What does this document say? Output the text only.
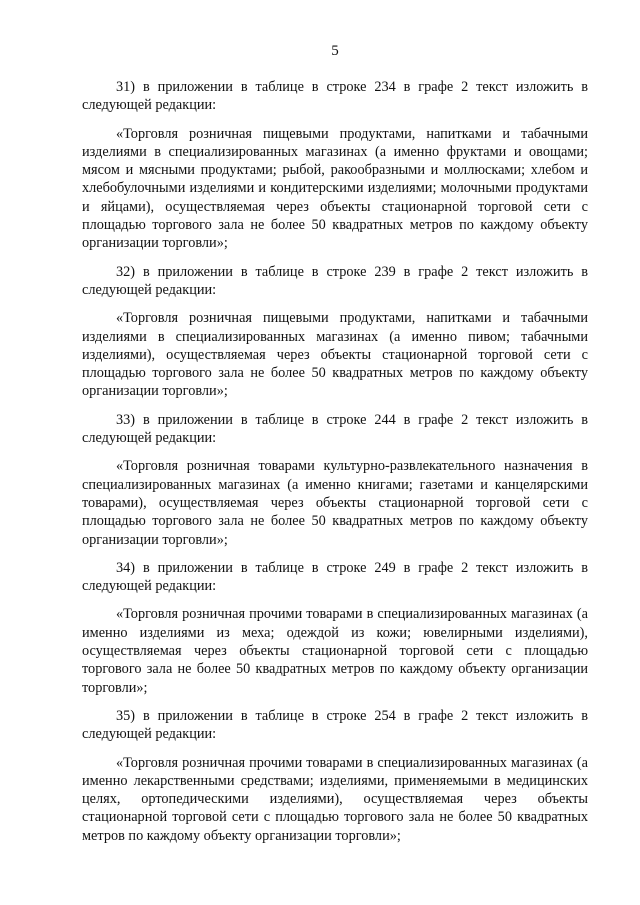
5

31) в приложении в таблице в строке 234 в графе 2 текст изложить в следующей редакции:

«Торговля розничная пищевыми продуктами, напитками и табачными изделиями в специализированных магазинах (а именно фруктами и овощами; мясом и мясными продуктами; рыбой, ракообразными и моллюсками; хлебом и хлебобулочными изделиями и кондитерскими изделиями; молочными продуктами и яйцами), осуществляемая через объекты стационарной торговой сети с площадью торгового зала не более 50 квадратных метров по каждому объекту организации торговли»;

32) в приложении в таблице в строке 239 в графе 2 текст изложить в следующей редакции:

«Торговля розничная пищевыми продуктами, напитками и табачными изделиями в специализированных магазинах (а именно пивом; табачными изделиями), осуществляемая через объекты стационарной торговой сети с площадью торгового зала не более 50 квадратных метров по каждому объекту организации торговли»;

33) в приложении в таблице в строке 244 в графе 2 текст изложить в следующей редакции:

«Торговля розничная товарами культурно-развлекательного назначения в специализированных магазинах (а именно книгами; газетами и канцелярскими товарами), осуществляемая через объекты стационарной торговой сети с площадью торгового зала не более 50 квадратных метров по каждому объекту организации торговли»;

34) в приложении в таблице в строке 249 в графе 2 текст изложить в следующей редакции:

«Торговля розничная прочими товарами в специализированных магазинах (а именно изделиями из меха; одеждой из кожи; ювелирными изделиями), осуществляемая через объекты стационарной торговой сети с площадью торгового зала не более 50 квадратных метров по каждому объекту организации торговли»;

35) в приложении в таблице в строке 254 в графе 2 текст изложить в следующей редакции:

«Торговля розничная прочими товарами в специализированных магазинах (а именно лекарственными средствами; изделиями, применяемыми в медицинских целях, ортопедическими изделиями), осуществляемая через объекты стационарной торговой сети с площадью торгового зала не более 50 квадратных метров по каждому объекту организации торговли»;
